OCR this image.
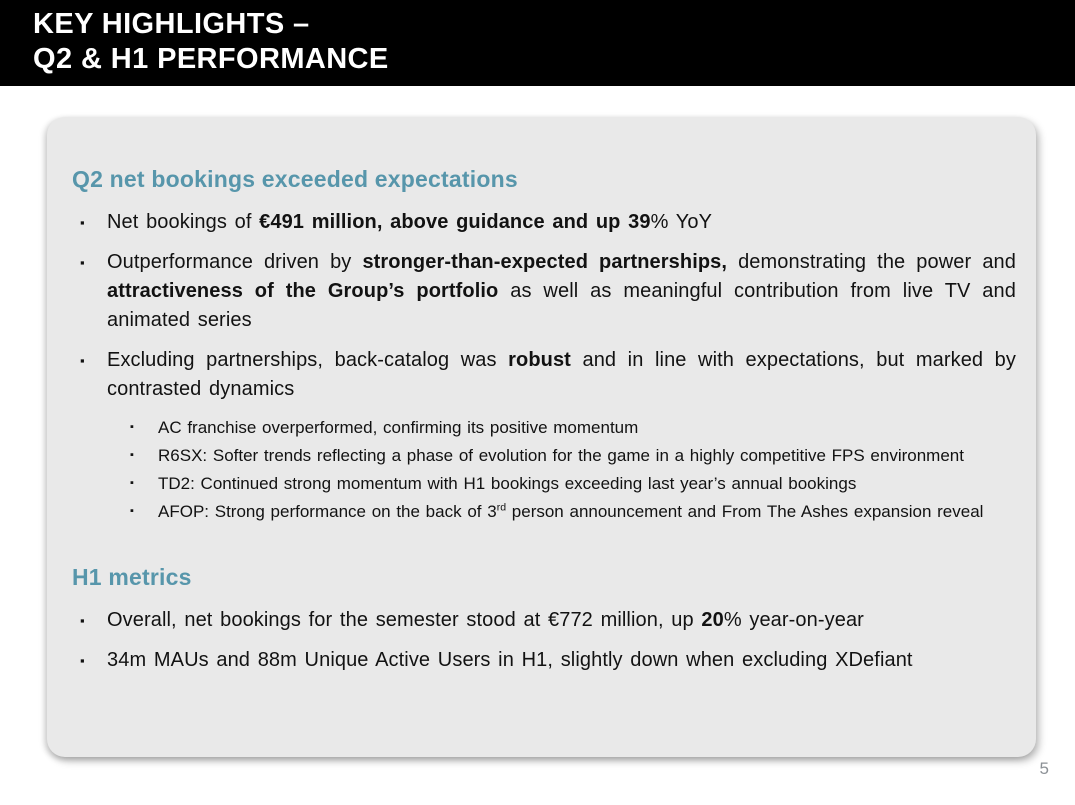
KEY HIGHLIGHTS –
Q2 & H1 PERFORMANCE
Q2 net bookings exceeded expectations
▪	Net bookings of €491 million, above guidance and up 39% YoY
▪	Outperformance driven by stronger-than-expected partnerships, demonstrating the power and attractiveness of the Group’s portfolio as well as meaningful contribution from live TV and animated series
▪	Excluding partnerships, back-catalog was robust and in line with expectations, but marked by contrasted dynamics
▪	AC franchise overperformed, confirming its positive momentum
▪	R6SX: Softer trends reflecting a phase of evolution for the game in a highly competitive FPS environment
▪	TD2: Continued strong momentum with H1 bookings exceeding last year’s annual bookings
▪	AFOP: Strong performance on the back of 3rd person announcement and From The Ashes expansion reveal
H1 metrics
▪	Overall, net bookings for the semester stood at €772 million, up 20% year-on-year
▪	34m MAUs and 88m Unique Active Users in H1, slightly down when excluding XDefiant
5
